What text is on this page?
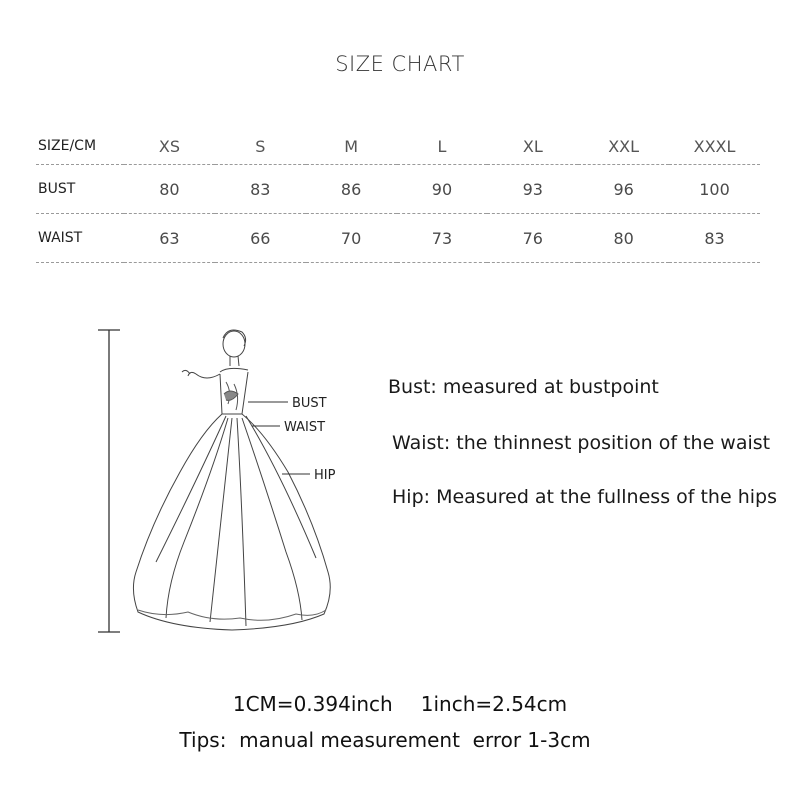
SIZE CHART
SIZE/CM	XS	S	M	L	XL	XXL	XXXL
BUST	80	83	86	90	93	96	100
WAIST	63	66	70	73	76	80	83
BUST
WAIST
HIP
Bust: measured at bustpoint
Waist: the thinnest position of the waist
Hip: Measured at the fullness of the hips
1CM=0.394inch 1inch=2.54cm
Tips:  manual measurement  error 1-3cm
